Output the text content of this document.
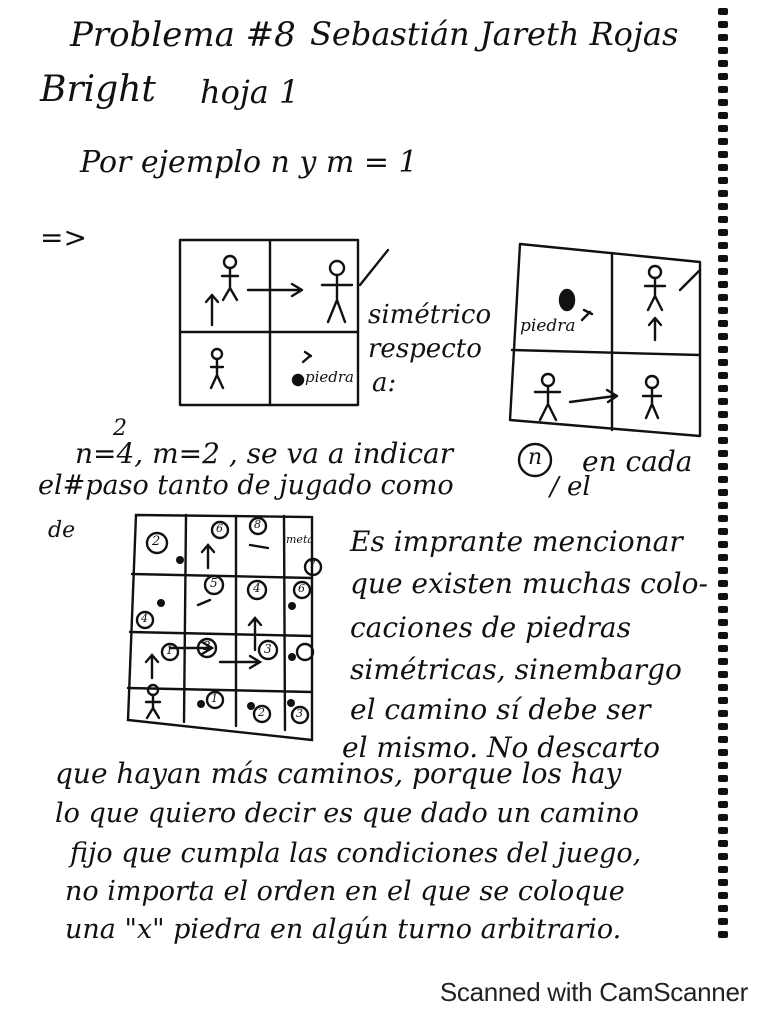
Problema #8 Sebastián Jareth Rojas
Bright hoja 1
Por ejemplo n y m = 1
=>
piedra
piedra
simétrico
respecto
a:
2
n=4, m=2 , se va a indicar	n en cada
el#paso tanto de jugado como	/ el
de	2
6	8
meta
7
5	4	6
4
1	2	3
1
2	3
Es imprante mencionar
que existen muchas colo-
caciones de piedras
simétricas, sinembargo
el camino sí debe ser
el mismo. No descarto
que hayan más caminos, porque los hay
lo que quiero decir es que dado un camino
fijo que cumpla las condiciones del juego,
no importa el orden en el que se coloque
una "x" piedra en algún turno arbitrario.
Scanned with CamScanner
